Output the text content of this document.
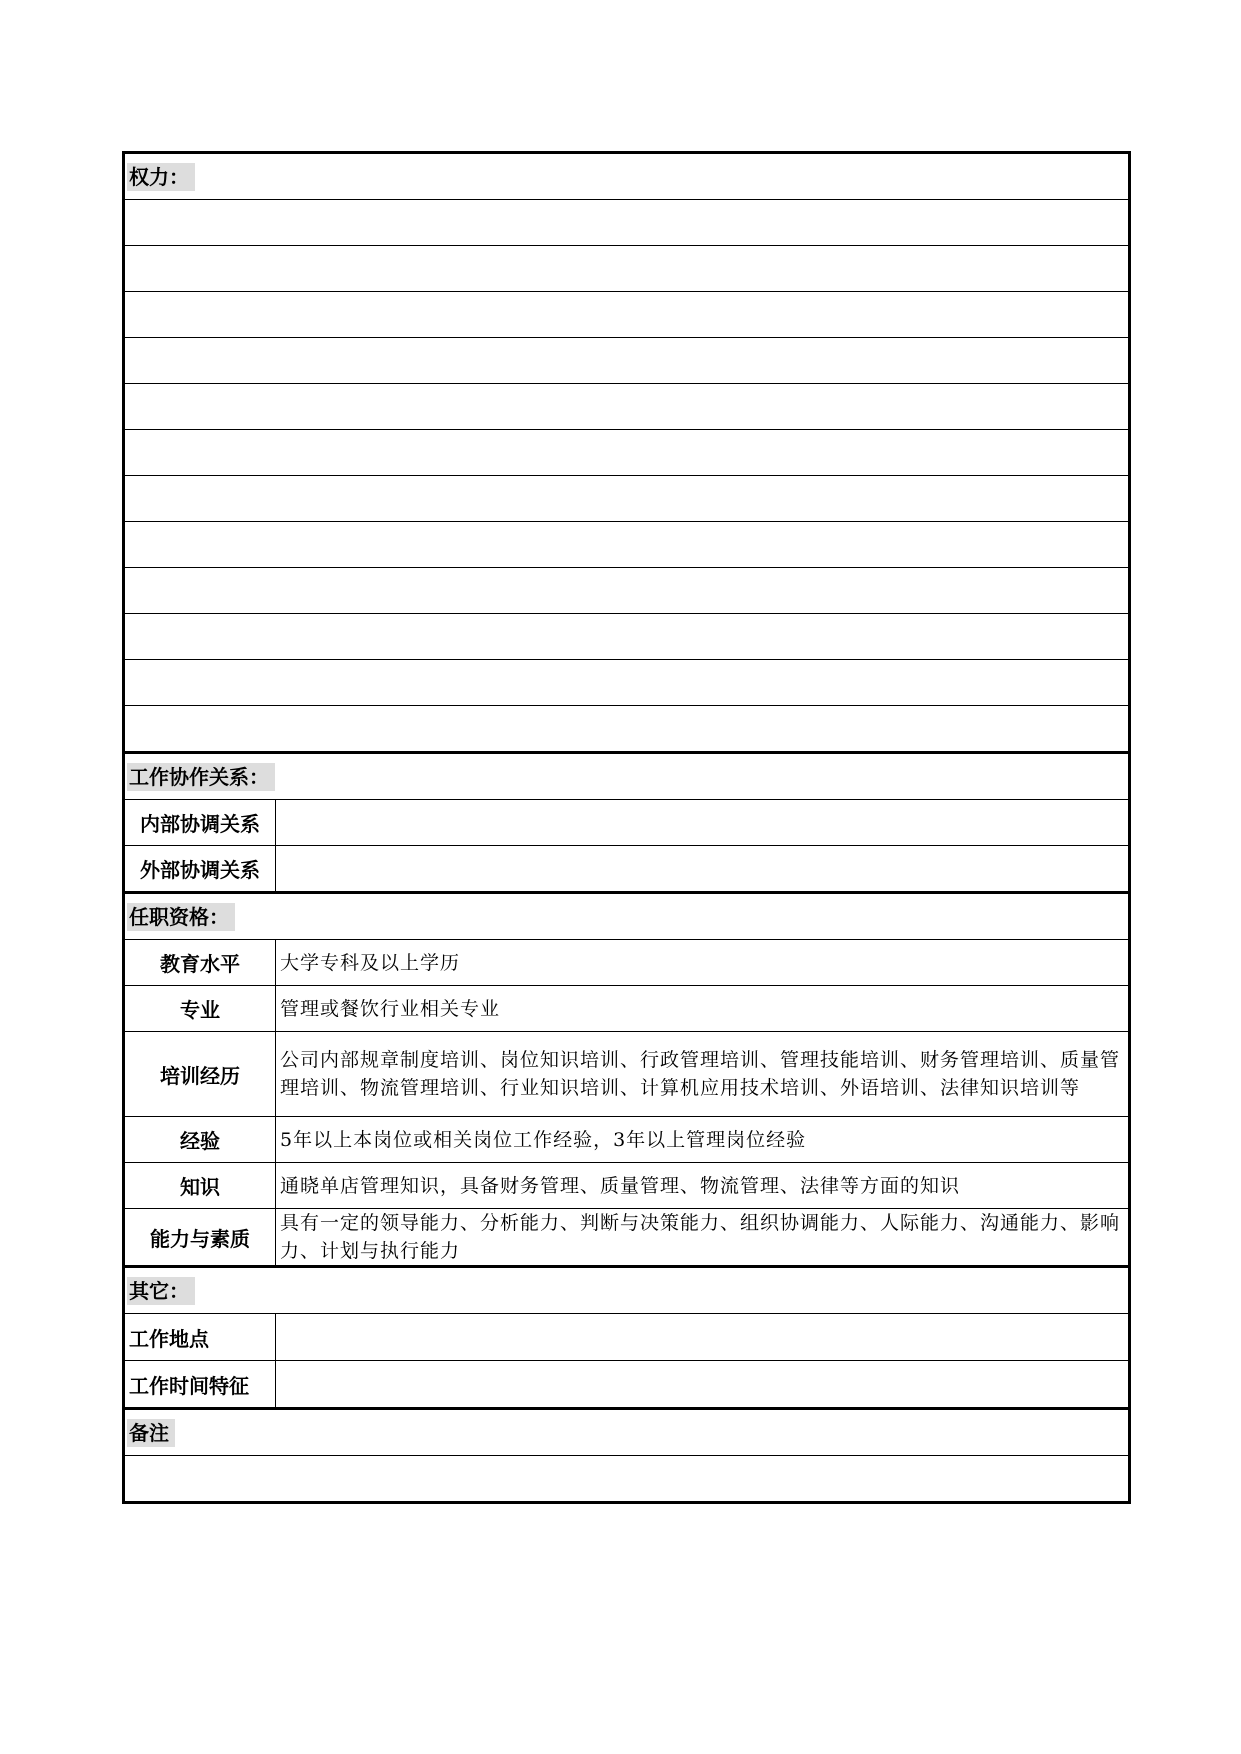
权力：	

工作协作关系：	
内部协调关系	
外部协调关系	
任职资格：	
教育水平	大学专科及以上学历
专业	管理或餐饮行业相关专业
培训经历	公司内部规章制度培训、岗位知识培训、行政管理培训、管理技能培训、财务管理培训、质量管理培训、物流管理培训、行业知识培训、计算机应用技术培训、外语培训、法律知识培训等
经验	5年以上本岗位或相关岗位工作经验，3年以上管理岗位经验
知识	通晓单店管理知识，具备财务管理、质量管理、物流管理、法律等方面的知识
能力与素质	具有一定的领导能力、分析能力、判断与决策能力、组织协调能力、人际能力、沟通能力、影响力、计划与执行能力
其它：	
工作地点	
工作时间特征	
备注	
